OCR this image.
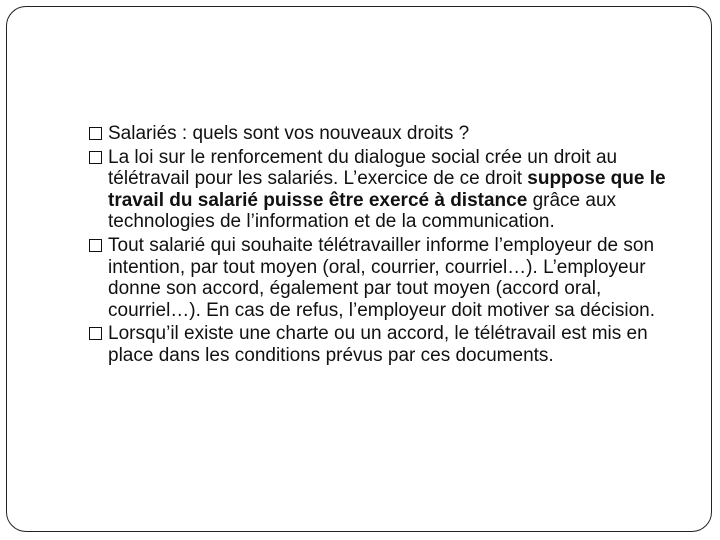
Salariés : quels sont vos nouveaux droits ?
La loi sur le renforcement du dialogue social crée un droit au télétravail pour les salariés. L’exercice de ce droit suppose que le travail du salarié puisse être exercé à distance grâce aux technologies de l’information et de la communication.
Tout salarié qui souhaite télétravailler informe l’employeur de son intention, par tout moyen (oral, courrier, courriel…). L’employeur donne son accord, également par tout moyen (accord oral, courriel…). En cas de refus, l’employeur doit motiver sa décision.
Lorsqu’il existe une charte ou un accord, le télétravail est mis en place dans les conditions prévus par ces documents.
